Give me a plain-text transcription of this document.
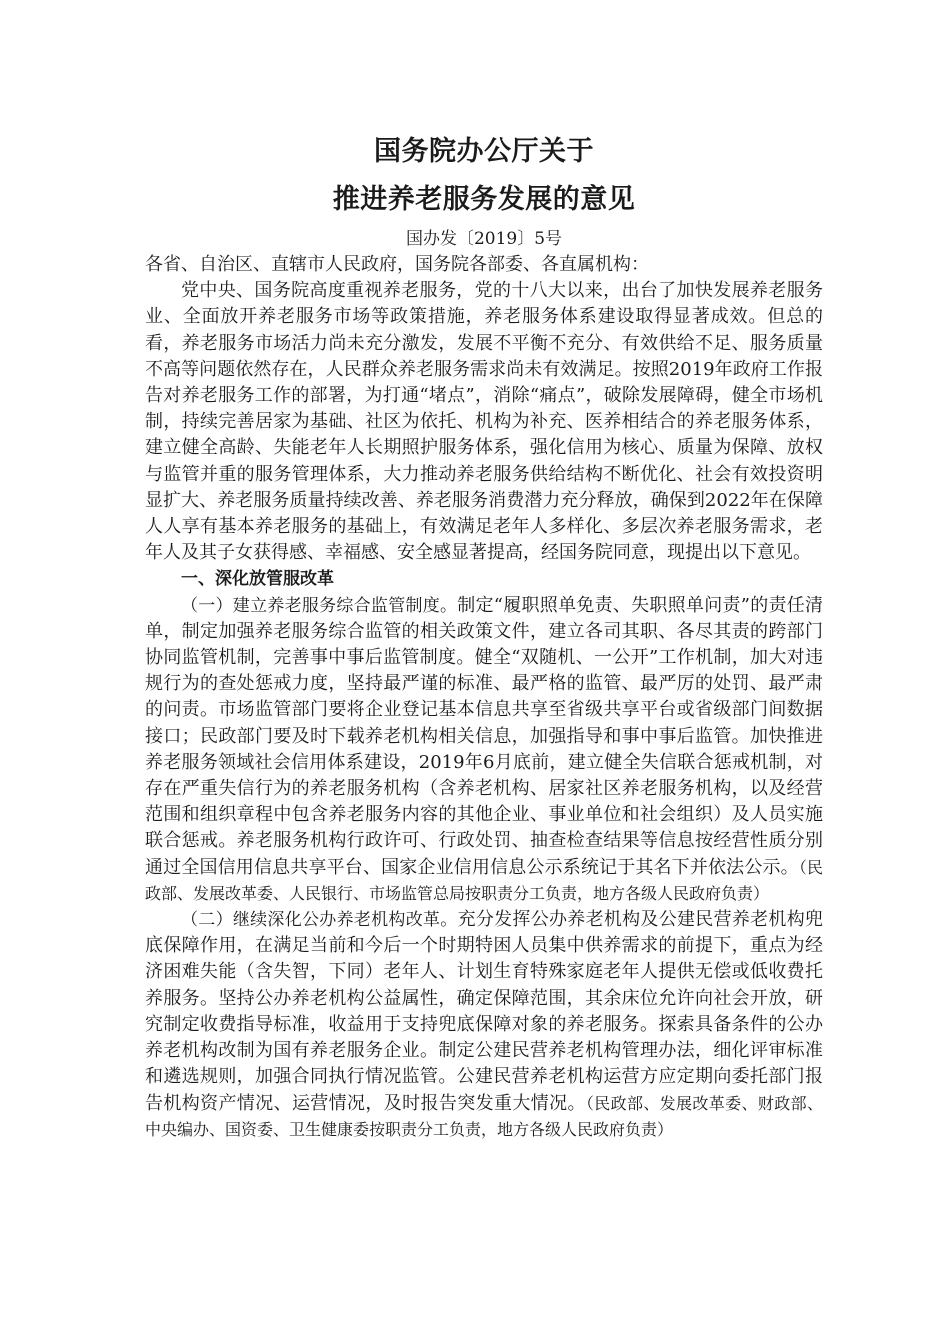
国务院办公厅关于
推进养老服务发展的意见
国办发〔2019〕5号

各省、自治区、直辖市人民政府，国务院各部委、各直属机构：

党中央、国务院高度重视养老服务，党的十八大以来，出台了加快发展养老服务业、全面放开养老服务市场等政策措施，养老服务体系建设取得显著成效。但总的看，养老服务市场活力尚未充分激发，发展不平衡不充分、有效供给不足、服务质量不高等问题依然存在，人民群众养老服务需求尚未有效满足。按照2019年政府工作报告对养老服务工作的部署，为打通“堵点”，消除“痛点”，破除发展障碍，健全市场机制，持续完善居家为基础、社区为依托、机构为补充、医养相结合的养老服务体系，建立健全高龄、失能老年人长期照护服务体系，强化信用为核心、质量为保障、放权与监管并重的服务管理体系，大力推动养老服务供给结构不断优化、社会有效投资明显扩大、养老服务质量持续改善、养老服务消费潜力充分释放，确保到2022年在保障人人享有基本养老服务的基础上，有效满足老年人多样化、多层次养老服务需求，老年人及其子女获得感、幸福感、安全感显著提高，经国务院同意，现提出以下意见。

一、深化放管服改革

（一）建立养老服务综合监管制度。制定“履职照单免责、失职照单问责”的责任清单，制定加强养老服务综合监管的相关政策文件，建立各司其职、各尽其责的跨部门协同监管机制，完善事中事后监管制度。健全“双随机、一公开”工作机制，加大对违规行为的查处惩戒力度，坚持最严谨的标准、最严格的监管、最严厉的处罚、最严肃的问责。市场监管部门要将企业登记基本信息共享至省级共享平台或省级部门间数据接口；民政部门要及时下载养老机构相关信息，加强指导和事中事后监管。加快推进养老服务领域社会信用体系建设，2019年6月底前，建立健全失信联合惩戒机制，对存在严重失信行为的养老服务机构（含养老机构、居家社区养老服务机构，以及经营范围和组织章程中包含养老服务内容的其他企业、事业单位和社会组织）及人员实施联合惩戒。养老服务机构行政许可、行政处罚、抽查检查结果等信息按经营性质分别通过全国信用信息共享平台、国家企业信用信息公示系统记于其名下并依法公示。（民政部、发展改革委、人民银行、市场监管总局按职责分工负责，地方各级人民政府负责）

（二）继续深化公办养老机构改革。充分发挥公办养老机构及公建民营养老机构兜底保障作用，在满足当前和今后一个时期特困人员集中供养需求的前提下，重点为经济困难失能（含失智，下同）老年人、计划生育特殊家庭老年人提供无偿或低收费托养服务。坚持公办养老机构公益属性，确定保障范围，其余床位允许向社会开放，研究制定收费指导标准，收益用于支持兜底保障对象的养老服务。探索具备条件的公办养老机构改制为国有养老服务企业。制定公建民营养老机构管理办法，细化评审标准和遴选规则，加强合同执行情况监管。公建民营养老机构运营方应定期向委托部门报告机构资产情况、运营情况，及时报告突发重大情况。（民政部、发展改革委、财政部、中央编办、国资委、卫生健康委按职责分工负责，地方各级人民政府负责）
